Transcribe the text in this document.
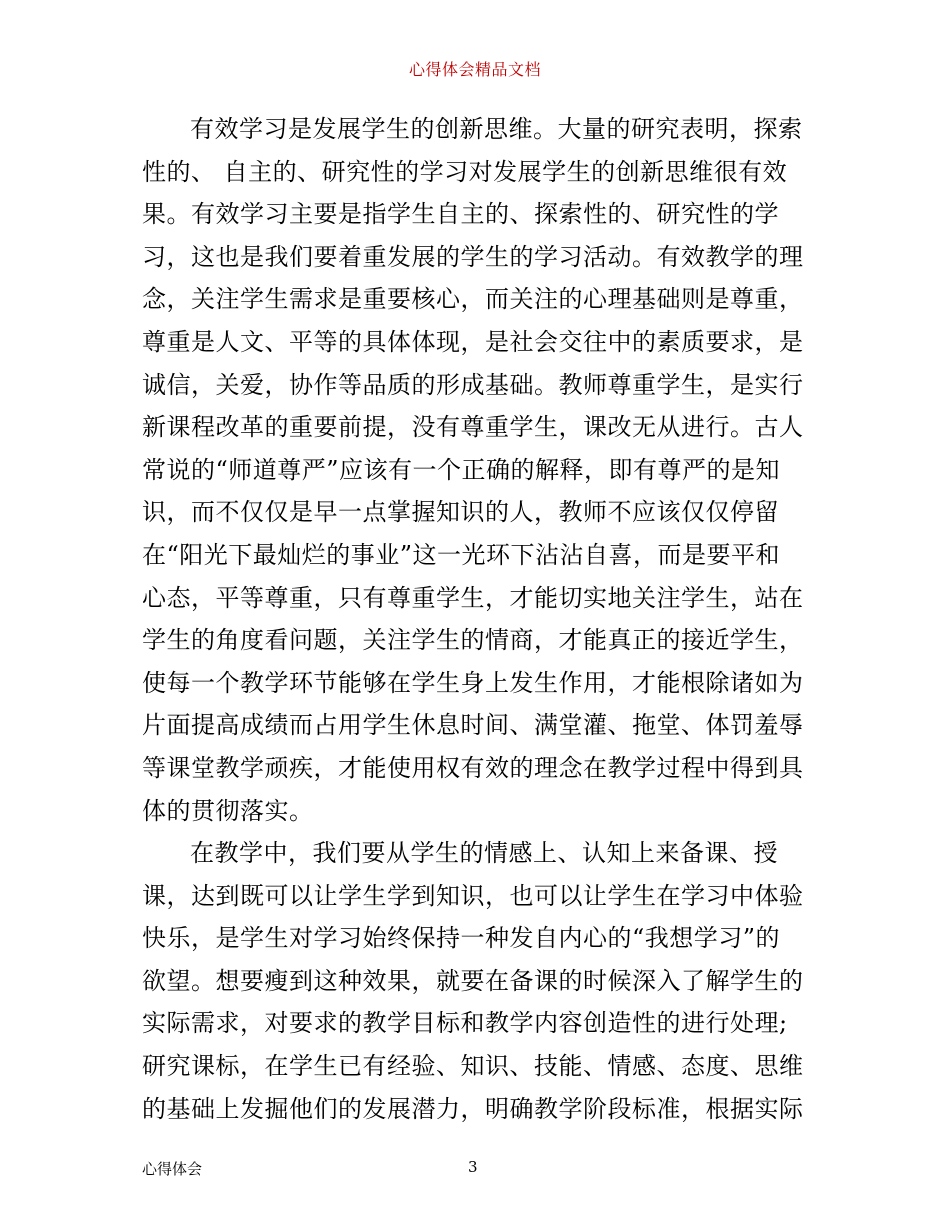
心得体会精品文档
有效学习是发展学生的创新思维。大量的研究表明，探索
性的、 自主的、研究性的学习对发展学生的创新思维很有效
果。有效学习主要是指学生自主的、探索性的、研究性的学
习，这也是我们要着重发展的学生的学习活动。有效教学的理
念，关注学生需求是重要核心，而关注的心理基础则是尊重，
尊重是人文、平等的具体体现，是社会交往中的素质要求，是
诚信，关爱，协作等品质的形成基础。教师尊重学生，是实行
新课程改革的重要前提，没有尊重学生，课改无从进行。古人
常说的“师道尊严”应该有一个正确的解释，即有尊严的是知
识，而不仅仅是早一点掌握知识的人，教师不应该仅仅停留
在“阳光下最灿烂的事业”这一光环下沾沾自喜，而是要平和
心态，平等尊重，只有尊重学生，才能切实地关注学生，站在
学生的角度看问题，关注学生的情商，才能真正的接近学生，
使每一个教学环节能够在学生身上发生作用，才能根除诸如为
片面提高成绩而占用学生休息时间、满堂灌、拖堂、体罚羞辱
等课堂教学顽疾，才能使用权有效的理念在教学过程中得到具
体的贯彻落实。
在教学中，我们要从学生的情感上、认知上来备课、授
课，达到既可以让学生学到知识，也可以让学生在学习中体验
快乐，是学生对学习始终保持一种发自内心的“我想学习”的
欲望。想要瘦到这种效果，就要在备课的时候深入了解学生的
实际需求，对要求的教学目标和教学内容创造性的进行处理;
研究课标，在学生已有经验、知识、技能、情感、态度、思维
的基础上发掘他们的发展潜力，明确教学阶段标准，根据实际
心得体会	3
